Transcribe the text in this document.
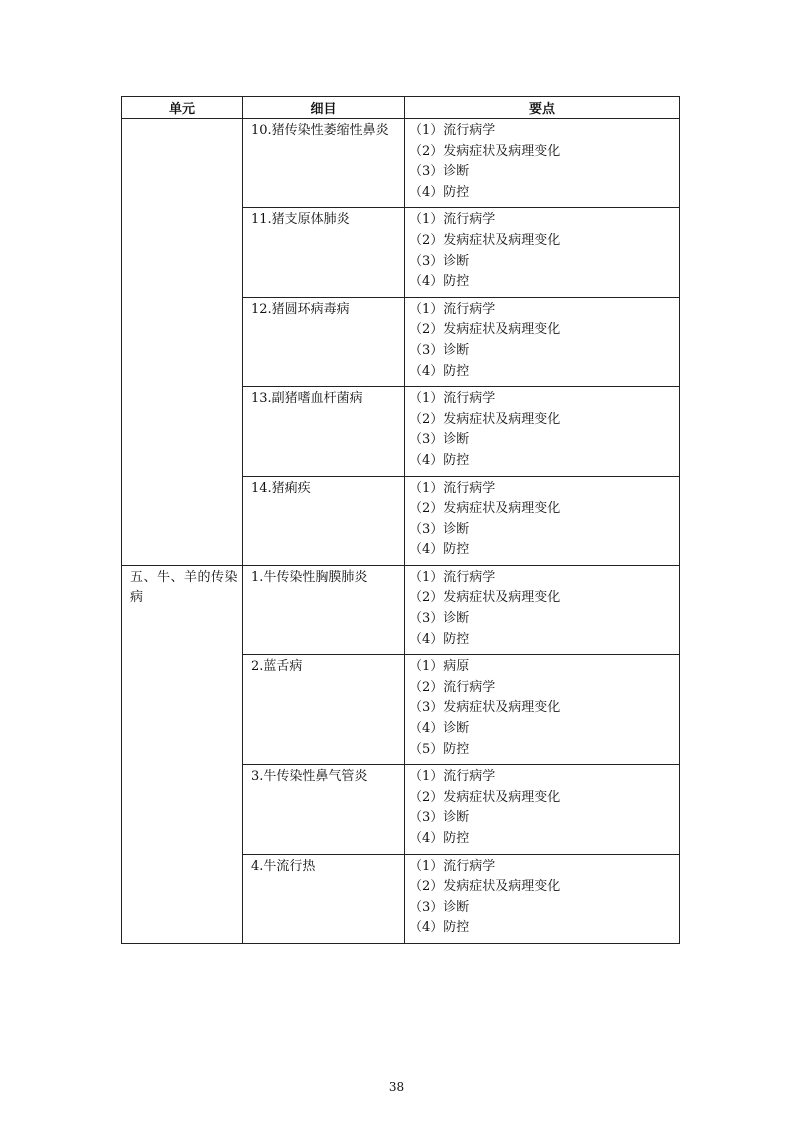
单元	细目	要点
	10.猪传染性萎缩性鼻炎	（1）流行病学
（2）发病症状及病理变化
（3）诊断
（4）防控

	11.猪支原体肺炎	（1）流行病学
（2）发病症状及病理变化
（3）诊断
（4）防控

	12.猪圆环病毒病	（1）流行病学
（2）发病症状及病理变化
（3）诊断
（4）防控

	13.副猪嗜血杆菌病	（1）流行病学
（2）发病症状及病理变化
（3）诊断
（4）防控

	14.猪痢疾	（1）流行病学
（2）发病症状及病理变化
（3）诊断
（4）防控

五、牛、羊的传染病	1.牛传染性胸膜肺炎	（1）流行病学
（2）发病症状及病理变化
（3）诊断
（4）防控

	2.蓝舌病	（1）病原
（2）流行病学
（3）发病症状及病理变化
（4）诊断
（5）防控

	3.牛传染性鼻气管炎	（1）流行病学
（2）发病症状及病理变化
（3）诊断
（4）防控

	4.牛流行热	（1）流行病学
（2）发病症状及病理变化
（3）诊断
（4）防控
38
